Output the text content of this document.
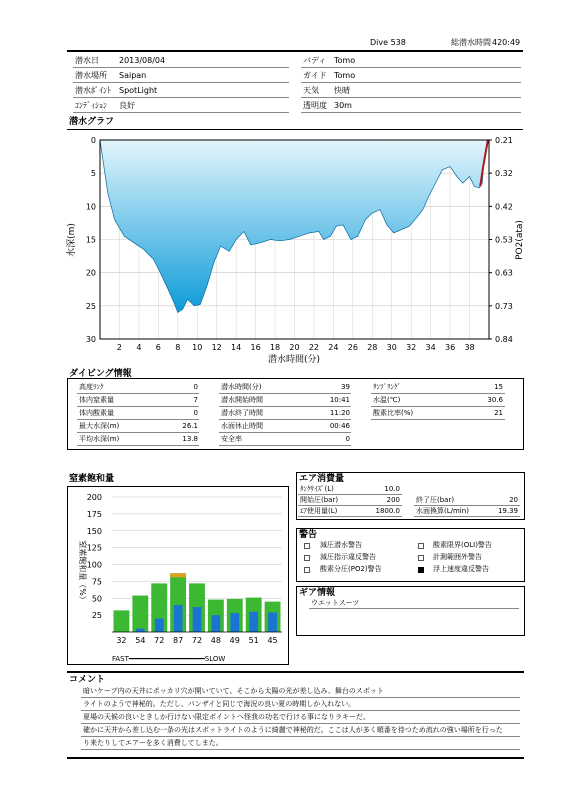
Dive 538	総潜水時間 420:49
潜水日	2013/08/04
潜水場所 Saipan
潜水ﾎﾟｲﾝﾄ SpotLight
ｺﾝﾃﾞｨｼｮﾝ 良好
バディ Tomo
ガイド Tomo
天気 快晴
透明度 30m
潜水グラフ
0
5
10
15
20
25
30
0.21
0.32
0.42
0.53
0.63
0.73
0.84
2 4 6 8 10 12 14 16 18 20 22 24 26 28 30 32 34 36 38
潜水時間(分)
水深(m)	PO2(ata)
ダイビング情報
高度ﾗﾝｸ	0
体内窒素量	7
体内酸素量	0
最大水深(m)	26.1
平均水深(m)	13.8
潜水時間(分)	39
潜水開始時間	10:41
潜水終了時間	11:20
水面休止時間	00:46
安全率	0
ｻﾝﾌﾟﾘﾝｸﾞ	15
水温(℃)	30.6
酸素比率(%)	21
窒素飽和量
25
50
75
100
125
150
175
200
32 54 72 87 72 48 49 51 45
窒素飽和量（%）
FAST━━━━━━━━━━━━━━━━━━SLOW
エア消費量
ﾀﾝｸｻｲｽﾞ(L)	10.0
開始圧(bar)	200
ｴｱ使用量(L)	1800.0
終了圧(bar)	20
水面換算(L/min)	19.39
警告
減圧潜水警告
減圧指示違反警告
酸素分圧(PO2)警告
酸素限界(OLI)警告
計測範囲外警告
浮上速度違反警告
ギア情報
ウエットスーツ
コメント
暗いケーブ内の天井にポッカリ穴が開いていて、そこから太陽の光が差し込み、舞台のスポット
ライトのようで神秘的。ただし、パンザイと同じで海況の良い夏の時期しか入れない。
夏場の天候の良いときしか行けない限定ポイントへ怪我の功名で行ける事になりラキーだ。
確かに天井から差し込む一条の光はスポットライトのように綺麗で神秘的だ。ここは人が多く順番を待つため流れの強い場所を行った
り来たりしてエアーを多く消費してしまた。
